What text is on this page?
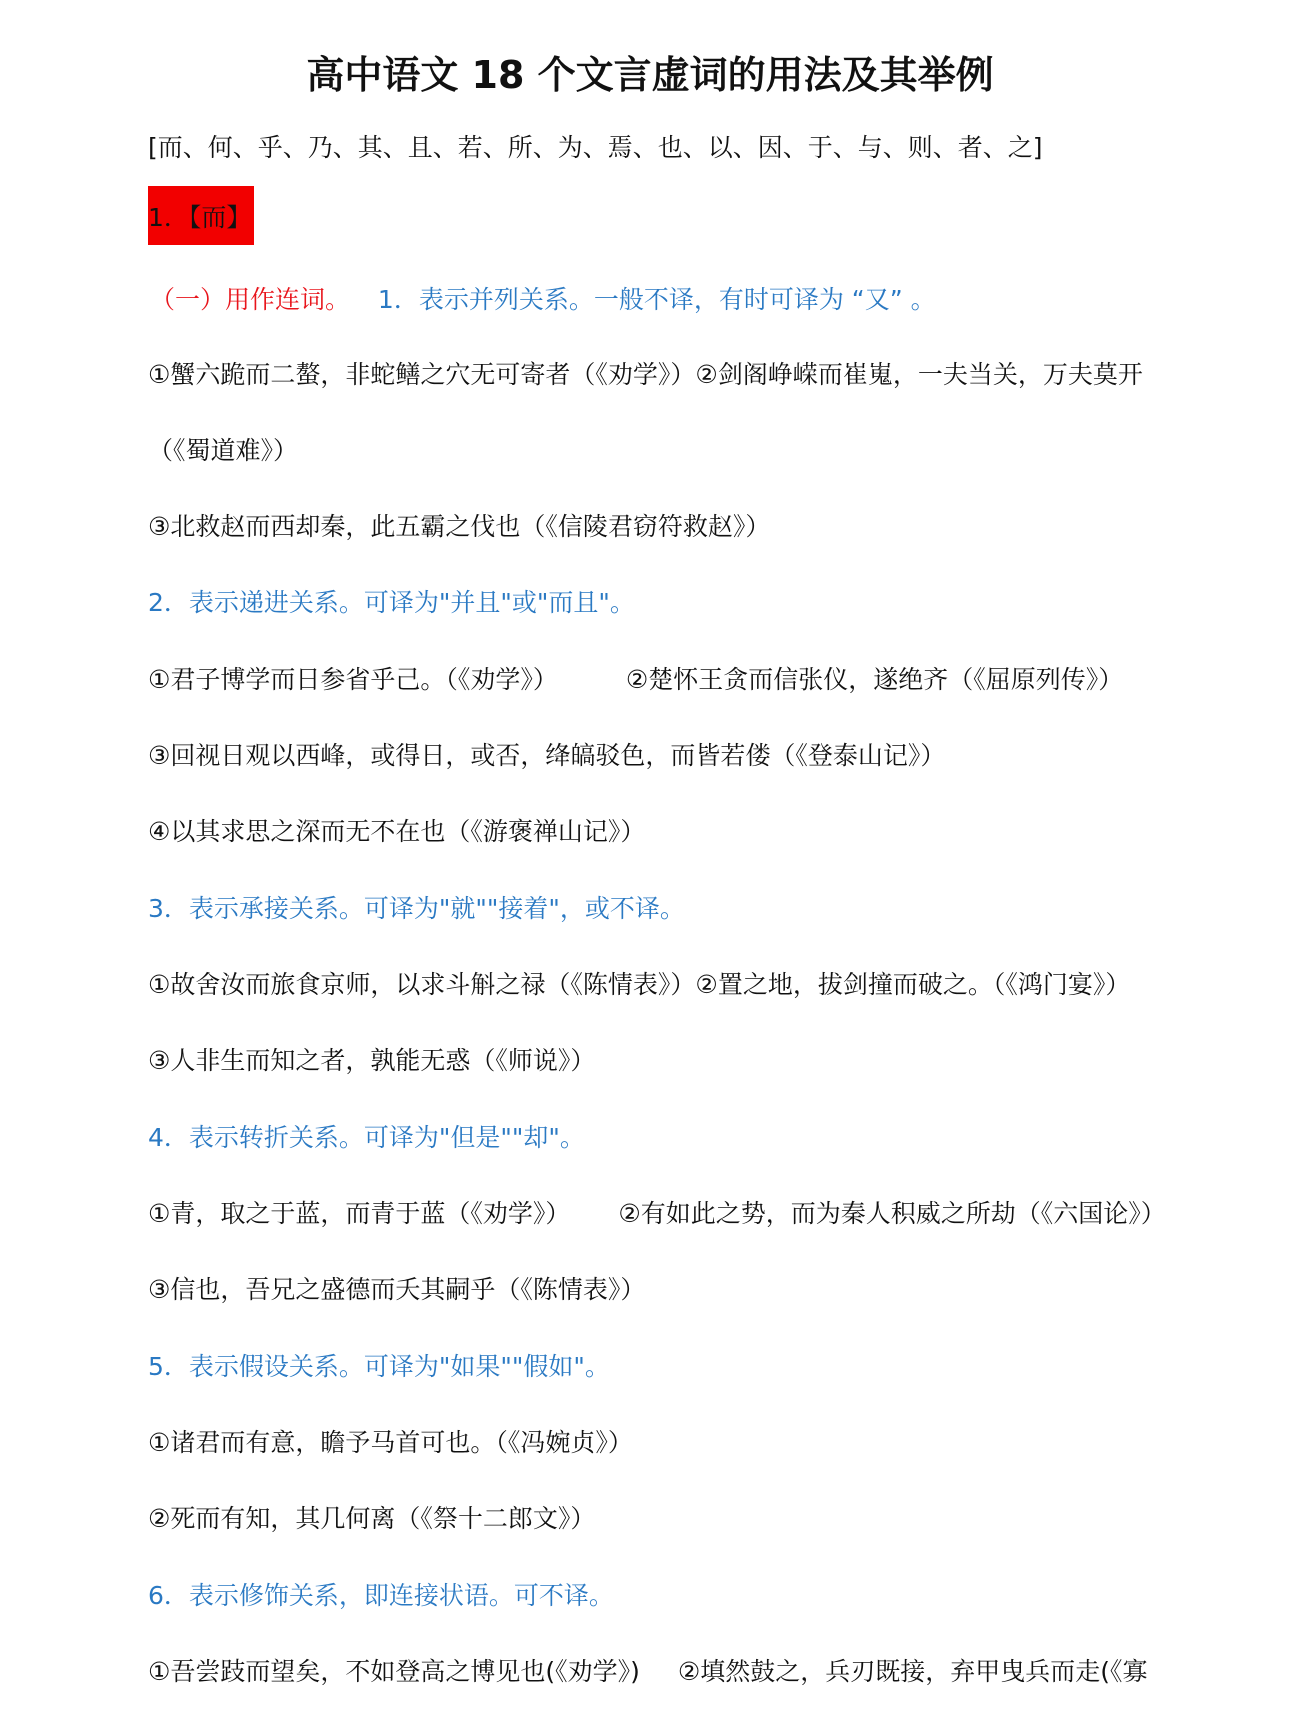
高中语文 18 个文言虚词的用法及其举例
[而、何、乎、乃、其、且、若、所、为、焉、也、以、因、于、与、则、者、之]
1．【而】
（一）用作连词。 1．表示并列关系。一般不译，有时可译为 “又” 。
①蟹六跪而二螯，非蛇鳝之穴无可寄者（《劝学》）②剑阁峥嵘而崔嵬，一夫当关，万夫莫开
（《蜀道难》）
③北救赵而西却秦，此五霸之伐也（《信陵君窃符救赵》）
2．表示递进关系。可译为"并且"或"而且"。
①君子博学而日参省乎己。（《劝学》）	②楚怀王贪而信张仪，遂绝齐（《屈原列传》）
③回视日观以西峰，或得日，或否，绛皜驳色，而皆若偻（《登泰山记》）
④以其求思之深而无不在也（《游褒禅山记》）
3．表示承接关系。可译为"就""接着"，或不译。
①故舍汝而旅食京师，以求斗斛之禄（《陈情表》）②置之地，拔剑撞而破之。（《鸿门宴》）
③人非生而知之者，孰能无惑（《师说》）
4．表示转折关系。可译为"但是""却"。
①青，取之于蓝，而青于蓝（《劝学》） ②有如此之势，而为秦人积威之所劫（《六国论》）
③信也，吾兄之盛德而夭其嗣乎（《陈情表》）
5．表示假设关系。可译为"如果""假如"。
①诸君而有意，瞻予马首可也。（《冯婉贞》）
②死而有知，其几何离（《祭十二郎文》）
6．表示修饰关系，即连接状语。可不译。
①吾尝跂而望矣，不如登高之博见也(《劝学》) ②填然鼓之，兵刃既接，弃甲曳兵而走(《寡
